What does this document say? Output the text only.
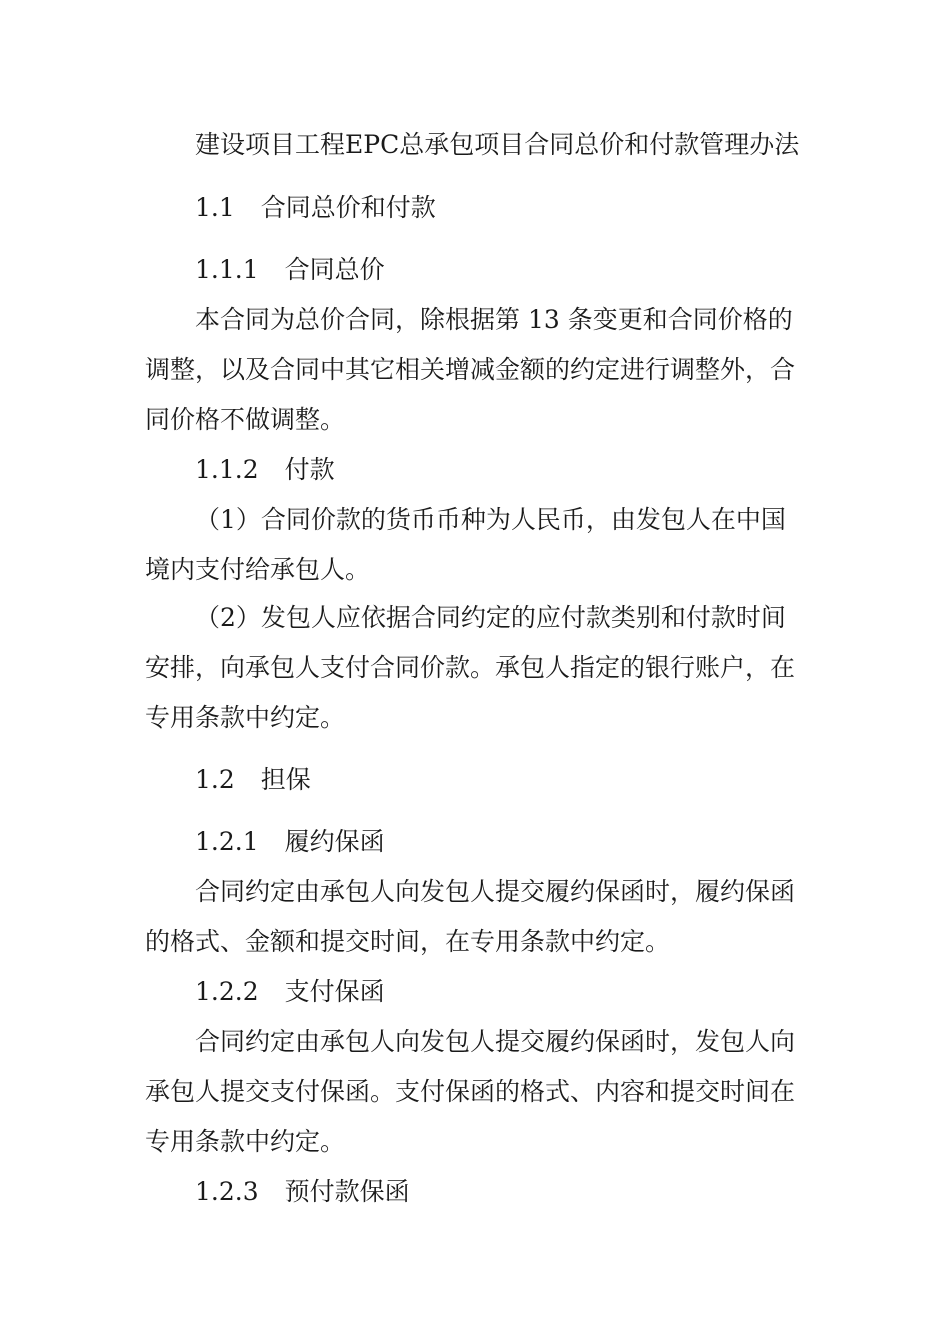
建设项目工程EPC总承包项目合同总价和付款管理办法

1.1 合同总价和付款

1.1.1 合同总价

本合同为总价合同，除根据第 13 条变更和合同价格的

调整，以及合同中其它相关增减金额的约定进行调整外，合

同价格不做调整。

1.1.2 付款

（1）合同价款的货币币种为人民币，由发包人在中国

境内支付给承包人。

（2）发包人应依据合同约定的应付款类别和付款时间

安排，向承包人支付合同价款。承包人指定的银行账户，在

专用条款中约定。

1.2 担保

1.2.1 履约保函

合同约定由承包人向发包人提交履约保函时，履约保函

的格式、金额和提交时间，在专用条款中约定。

1.2.2 支付保函

合同约定由承包人向发包人提交履约保函时，发包人向

承包人提交支付保函。支付保函的格式、内容和提交时间在

专用条款中约定。

1.2.3 预付款保函
